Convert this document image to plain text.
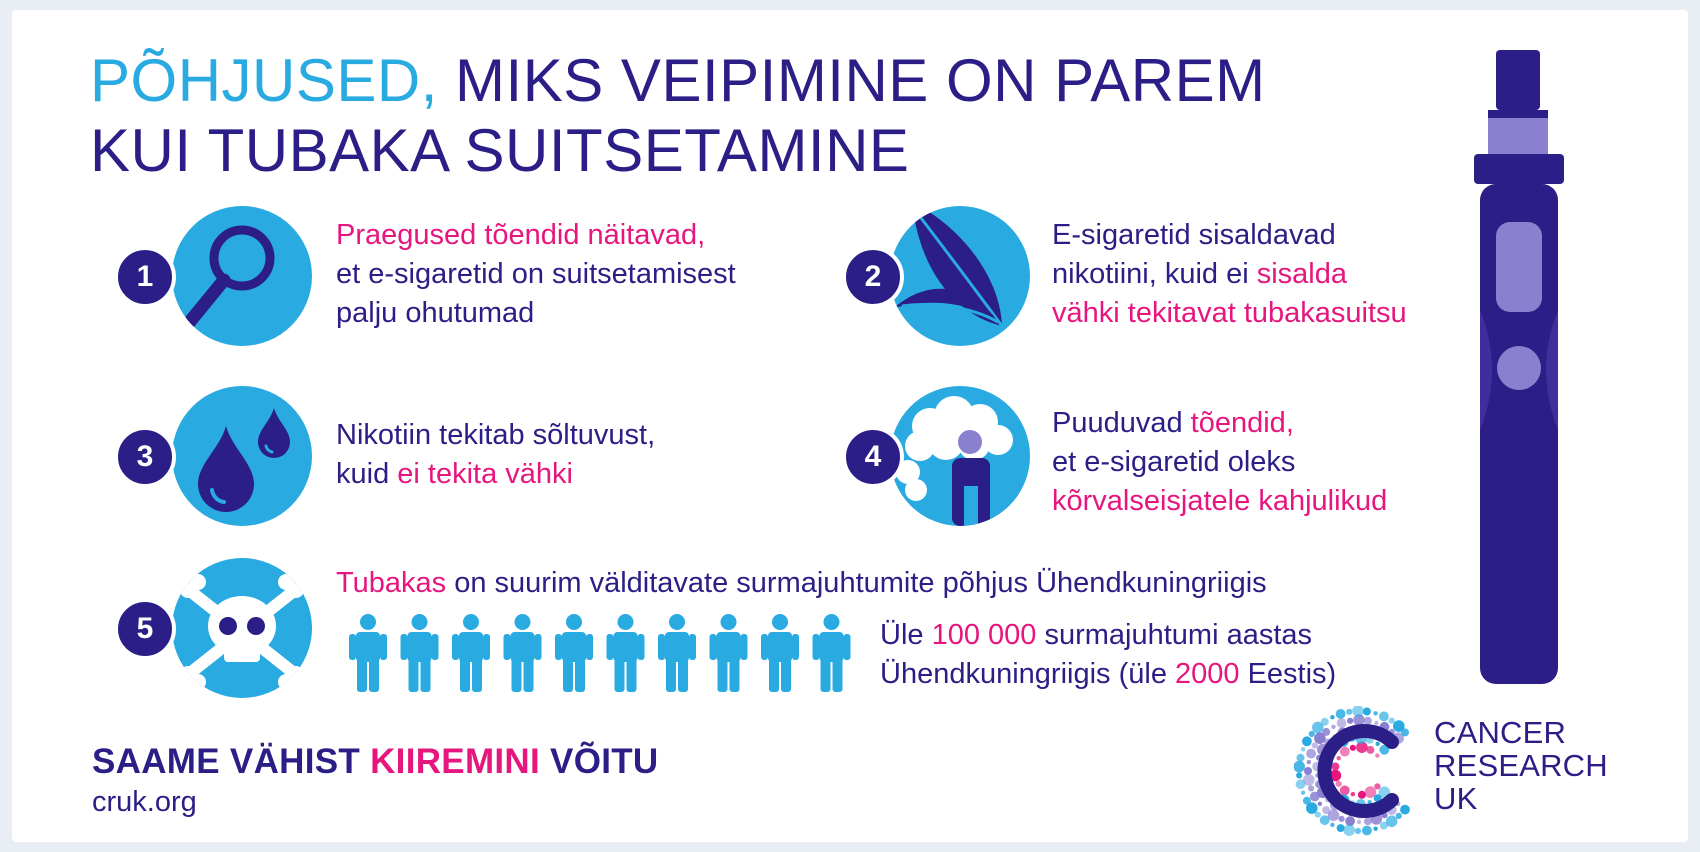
PÕHJUSED, MIKS VEIPIMINE ON PAREM
KUI TUBAKA SUITSETAMINE
1
Praegused tõendid näitavad,
et e-sigaretid on suitsetamisest
palju ohutumad
2
E-sigaretid sisaldavad
nikotiini, kuid ei sisalda
vähki tekitavat tubakasuitsu
3
Nikotiin tekitab sõltuvust,
kuid ei tekita vähki
4
Puuduvad tõendid,
et e-sigaretid oleks
kõrvalseisjatele kahjulikud
5
Tubakas on suurim välditavate surmajuhtumite põhjus Ühendkuningriigis
Üle 100 000 surmajuhtumi aastas
Ühendkuningriigis (üle 2000 Eestis)
SAAME VÄHIST KIIREMINI VÕITU
cruk.org
CANCER
RESEARCH
UK
